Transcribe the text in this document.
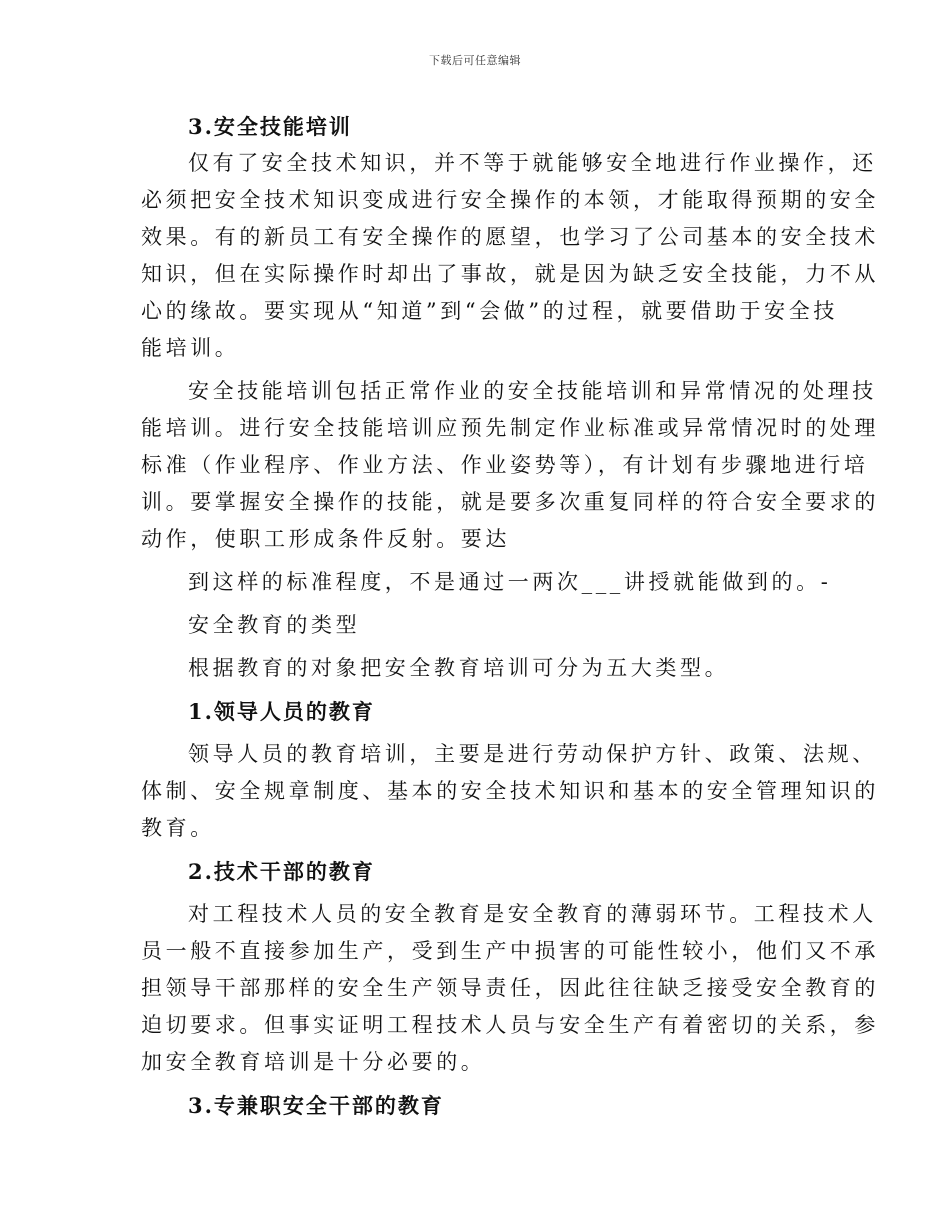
下载后可任意编辑
3.安全技能培训
仅有了安全技术知识，并不等于就能够安全地进行作业操作，还
必须把安全技术知识变成进行安全操作的本领，才能取得预期的安全
效果。有的新员工有安全操作的愿望，也学习了公司基本的安全技术
知识，但在实际操作时却出了事故，就是因为缺乏安全技能，力不从
心的缘故。要实现从“知道”到“会做”的过程，就要借助于安全技
能培训。
安全技能培训包括正常作业的安全技能培训和异常情况的处理技
能培训。进行安全技能培训应预先制定作业标准或异常情况时的处理
标准（作业程序、作业方法、作业姿势等），有计划有步骤地进行培
训。要掌握安全操作的技能，就是要多次重复同样的符合安全要求的
动作，使职工形成条件反射。要达
到这样的标准程度，不是通过一两次___讲授就能做到的。-
安全教育的类型
根据教育的对象把安全教育培训可分为五大类型。
1.领导人员的教育
领导人员的教育培训，主要是进行劳动保护方针、政策、法规、
体制、安全规章制度、基本的安全技术知识和基本的安全管理知识的
教育。
2.技术干部的教育
对工程技术人员的安全教育是安全教育的薄弱环节。工程技术人
员一般不直接参加生产，受到生产中损害的可能性较小，他们又不承
担领导干部那样的安全生产领导责任，因此往往缺乏接受安全教育的
迫切要求。但事实证明工程技术人员与安全生产有着密切的关系，参
加安全教育培训是十分必要的。
3.专兼职安全干部的教育
